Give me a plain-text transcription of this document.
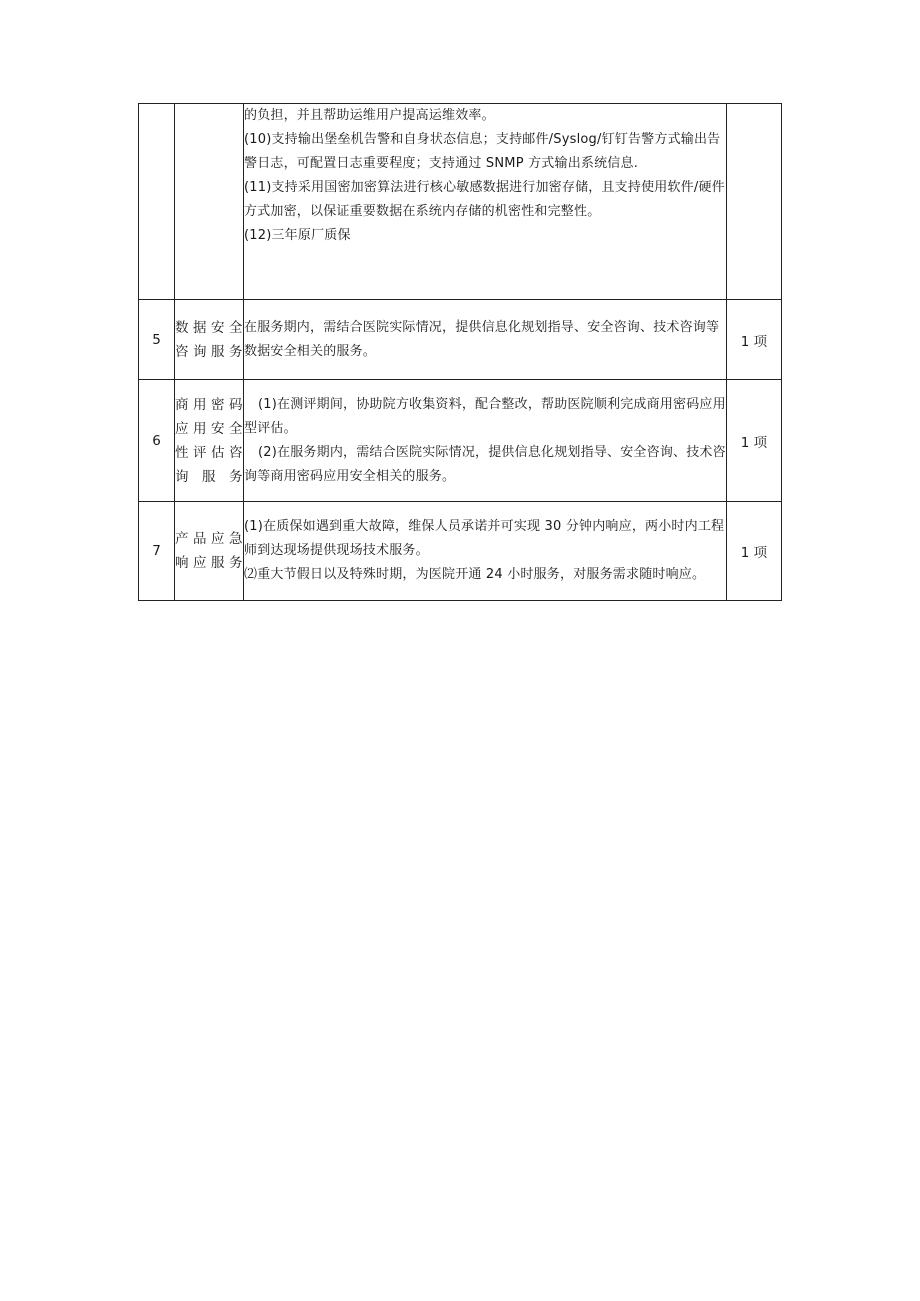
		的负担，并且帮助运维用户提高运维效率。

(10)支持输出堡垒机告警和自身状态信息；支持邮件/Syslog/钉钉告警方式输出告警日志，可配置日志重要程度；支持通过 SNMP 方式输出系统信息.

(11)支持采用国密加密算法进行核心敏感数据进行加密存储，且支持使用软件/硬件方式加密，以保证重要数据在系统内存储的机密性和完整性。

(12)三年原厂质保	

5	数据安全咨询服务	在服务期内，需结合医院实际情况，提供信息化规划指导、安全咨询、技术咨询等数据安全相关的服务。	1 项
6	商用密码应用安全性评估咨询服务	(1)在测评期间，协助院方收集资料，配合整改，帮助医院顺利完成商用密码应用型评估。

(2)在服务期内，需结合医院实际情况，提供信息化规划指导、安全咨询、技术咨询等商用密码应用安全相关的服务。	1 项
7	产品应急响应服务	(1)在质保如遇到重大故障，维保人员承诺并可实现 30 分钟内响应，两小时内工程师到达现场提供现场技术服务。

⑵重大节假日以及特殊时期，为医院开通 24 小时服务，对服务需求随时响应。	1 项
